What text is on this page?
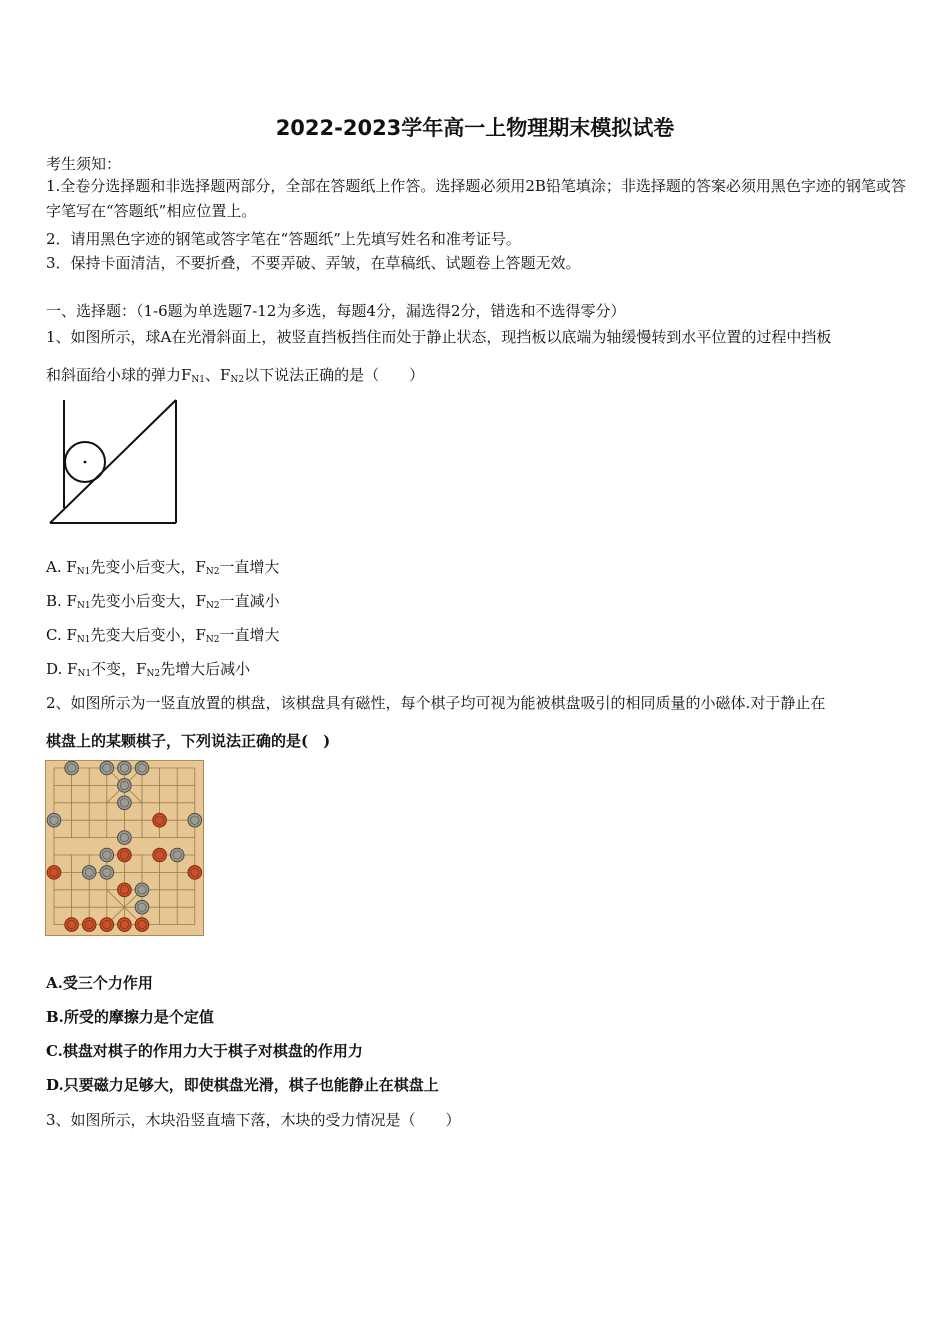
2022-2023学年高一上物理期末模拟试卷
考生须知：
1.全卷分选择题和非选择题两部分，全部在答题纸上作答。选择题必须用2B铅笔填涂；非选择题的答案必须用黑色字迹的钢笔或答字笔写在“答题纸”相应位置上。
2．请用黑色字迹的钢笔或答字笔在“答题纸”上先填写姓名和准考证号。
3．保持卡面清洁，不要折叠，不要弄破、弄皱，在草稿纸、试题卷上答题无效。
一、选择题：（1-6题为单选题7-12为多选，每题4分，漏选得2分，错选和不选得零分）
1、如图所示，球A在光滑斜面上，被竖直挡板挡住而处于静止状态，现挡板以底端为轴缓慢转到水平位置的过程中挡板
和斜面给小球的弹力$F_{N1}$、$F_{N2}$以下说法正确的是（　　）
A. $F_{N1}$先变小后变大，$F_{N2}$一直增大
B. $F_{N1}$先变小后变大，$F_{N2}$一直减小
C. $F_{N1}$先变大后变小，$F_{N2}$一直增大
D. $F_{N1}$不变，$F_{N2}$先增大后减小
2、如图所示为一竖直放置的棋盘，该棋盘具有磁性，每个棋子均可视为能被棋盘吸引的相同质量的小磁体.对于静止在
棋盘上的某颗棋子，下列说法正确的是(　)
A.受三个力作用
B.所受的摩擦力是个定值
C.棋盘对棋子的作用力大于棋子对棋盘的作用力
D.只要磁力足够大，即使棋盘光滑，棋子也能静止在棋盘上
3、如图所示，木块沿竖直墙下落，木块的受力情况是（　　）
